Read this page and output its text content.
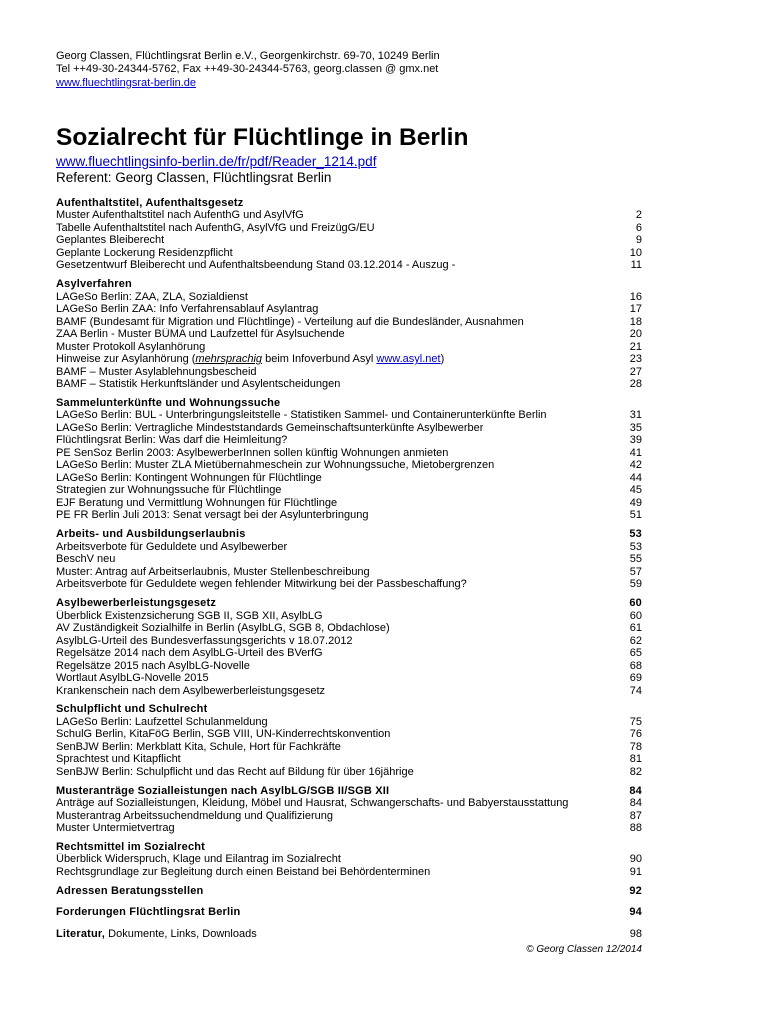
Georg Classen, Flüchtlingsrat Berlin e.V., Georgenkirchstr. 69-70, 10249 Berlin
Tel ++49-30-24344-5762, Fax ++49-30-24344-5763, georg.classen @ gmx.net
www.fluechtlingsrat-berlin.de
Sozialrecht für Flüchtlinge in Berlin
www.fluechtlingsinfo-berlin.de/fr/pdf/Reader_1214.pdf
Referent: Georg Classen, Flüchtlingsrat Berlin
Aufenthaltstitel, Aufenthaltsgesetz
Muster Aufenthaltstitel nach AufenthG und AsylVfG	2
Tabelle Aufenthaltstitel nach AufenthG, AsylVfG und FreizügG/EU	6
Geplantes Bleiberecht	9
Geplante Lockerung Residenzpflicht	10
Gesetzentwurf Bleiberecht und Aufenthaltsbeendung Stand 03.12.2014 - Auszug -	11
Asylverfahren
LAGeSo Berlin: ZAA, ZLA, Sozialdienst	16
LAGeSo Berlin ZAA: Info Verfahrensablauf Asylantrag	17
BAMF (Bundesamt für Migration und Flüchtlinge) - Verteilung auf die Bundesländer, Ausnahmen	18
ZAA Berlin - Muster BÜMA und Laufzettel für Asylsuchende	20
Muster Protokoll Asylanhörung	21
Hinweise zur Asylanhörung (mehrsprachig beim Infoverbund Asyl www.asyl.net)	23
BAMF – Muster Asylablehnungsbescheid	27
BAMF – Statistik Herkunftsländer und Asylentscheidungen	28
Sammelunterkünfte und Wohnungssuche
LAGeSo Berlin: BUL - Unterbringungsleitstelle - Statistiken Sammel- und Containerunterkünfte Berlin	31
LAGeSo Berlin: Vertragliche Mindeststandards Gemeinschaftsunterkünfte Asylbewerber	35
Flüchtlingsrat Berlin: Was darf die Heimleitung?	39
PE SenSoz Berlin 2003: AsylbewerberInnen sollen künftig Wohnungen anmieten	41
LAGeSo Berlin: Muster ZLA Mietübernahmeschein zur Wohnungssuche, Mietobergrenzen	42
LAGeSo Berlin: Kontingent Wohnungen für Flüchtlinge	44
Strategien zur Wohnungssuche für Flüchtlinge	45
EJF Beratung und Vermittlung Wohnungen für Flüchtlinge	49
PE FR Berlin Juli 2013: Senat versagt bei der Asylunterbringung	51
Arbeits- und Ausbildungserlaubnis	53
Arbeitsverbote für Geduldete und Asylbewerber	53
BeschV neu	55
Muster: Antrag auf Arbeitserlaubnis, Muster Stellenbeschreibung	57
Arbeitsverbote für Geduldete wegen fehlender Mitwirkung bei der Passbeschaffung?	59
Asylbewerberleistungsgesetz	60
Überblick Existenzsicherung SGB II, SGB XII, AsylbLG	60
AV Zuständigkeit Sozialhilfe in Berlin (AsylbLG, SGB 8, Obdachlose)	61
AsylbLG-Urteil des Bundesverfassungsgerichts v 18.07.2012	62
Regelsätze 2014 nach dem AsylbLG-Urteil des BVerfG	65
Regelsätze 2015 nach AsylbLG-Novelle	68
Wortlaut AsylbLG-Novelle 2015	69
Krankenschein nach dem Asylbewerberleistungsgesetz	74
Schulpflicht und Schulrecht
LAGeSo Berlin: Laufzettel Schulanmeldung	75
SchulG Berlin, KitaFöG Berlin, SGB VIII, UN-Kinderrechtskonvention	76
SenBJW Berlin: Merkblatt Kita, Schule, Hort für Fachkräfte	78
Sprachtest und Kitapflicht	81
SenBJW Berlin: Schulpflicht und das Recht auf Bildung für über 16jährige	82
Musteranträge Sozialleistungen nach AsylbLG/SGB II/SGB XII	84
Anträge auf Sozialleistungen, Kleidung, Möbel und Hausrat, Schwangerschafts- und Babyerstausstattung	84
Musterantrag Arbeitssuchendmeldung und Qualifizierung	87
Muster Untermietvertrag	88
Rechtsmittel im Sozialrecht
Überblick Widerspruch, Klage und Eilantrag im Sozialrecht	90
Rechtsgrundlage zur Begleitung durch einen Beistand bei Behördenterminen	91
Adressen Beratungsstellen	92
Forderungen Flüchtlingsrat Berlin	94
Literatur, Dokumente, Links, Downloads	98
© Georg Classen 12/2014
